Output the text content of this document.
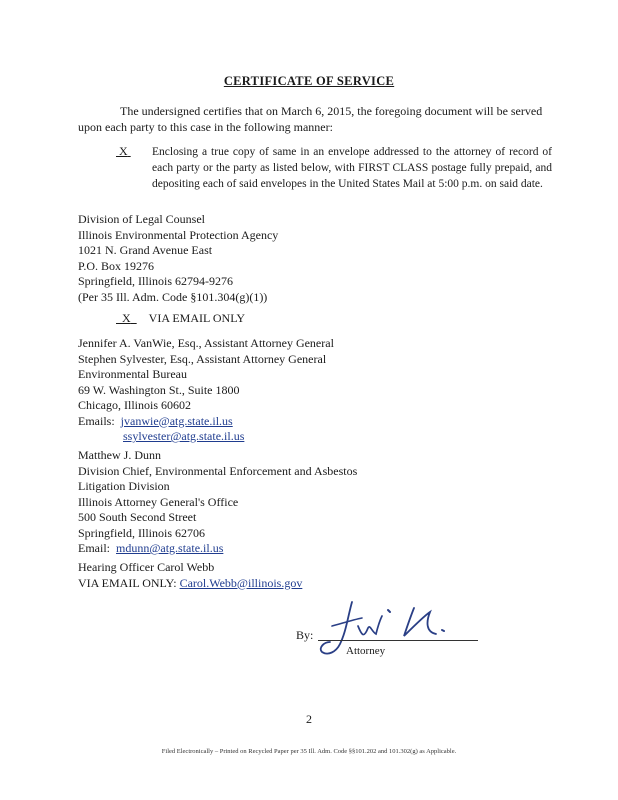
CERTIFICATE OF SERVICE
The undersigned certifies that on March 6, 2015, the foregoing document will be served upon each party to this case in the following manner:
X Enclosing a true copy of same in an envelope addressed to the attorney of record of each party or the party as listed below, with FIRST CLASS postage fully prepaid, and depositing each of said envelopes in the United States Mail at 5:00 p.m. on said date.
Division of Legal Counsel
Illinois Environmental Protection Agency
1021 N. Grand Avenue East
P.O. Box 19276
Springfield, Illinois 62794-9276
(Per 35 Ill. Adm. Code §101.304(g)(1))
X VIA EMAIL ONLY
Jennifer A. VanWie, Esq., Assistant Attorney General
Stephen Sylvester, Esq., Assistant Attorney General
Environmental Bureau
69 W. Washington St., Suite 1800
Chicago, Illinois 60602
Emails: jvanwie@atg.state.il.us
ssylvester@atg.state.il.us
Matthew J. Dunn
Division Chief, Environmental Enforcement and Asbestos
Litigation Division
Illinois Attorney General's Office
500 South Second Street
Springfield, Illinois 62706
Email: mdunn@atg.state.il.us
Hearing Officer Carol Webb
VIA EMAIL ONLY: Carol.Webb@illinois.gov
By:
Attorney
2
Filed Electronically – Printed on Recycled Paper per 35 Ill. Adm. Code §§101.202 and 101.302(g) as Applicable.
